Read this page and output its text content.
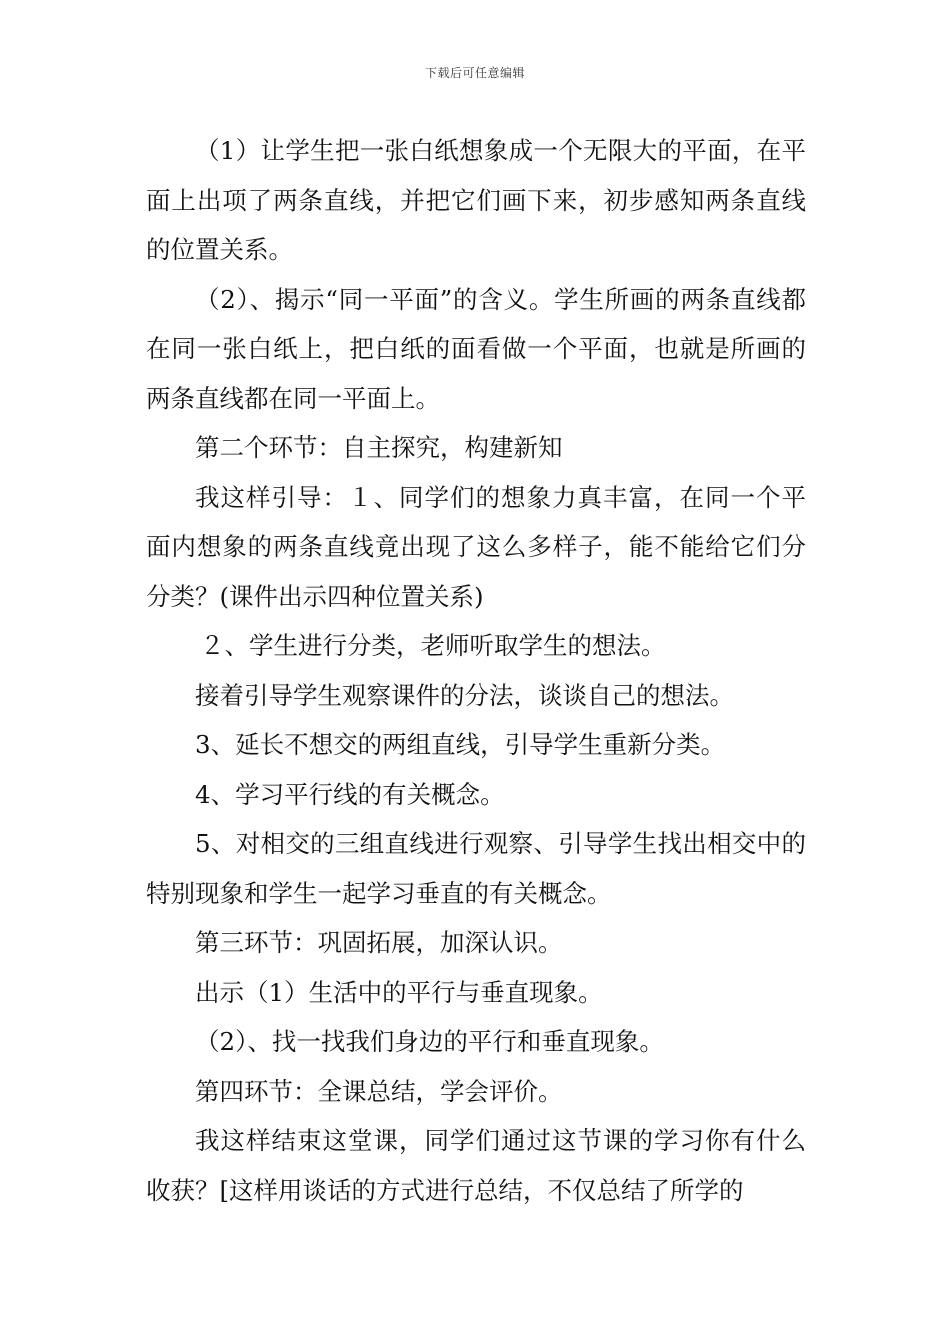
下载后可任意编辑

（1）让学生把一张白纸想象成一个无限大的平面，在平面上出项了两条直线，并把它们画下来，初步感知两条直线的位置关系。

（2）、揭示“同一平面”的含义。学生所画的两条直线都在同一张白纸上，把白纸的面看做一个平面，也就是所画的两条直线都在同一平面上。

第二个环节：自主探究，构建新知

我这样引导：１、同学们的想象力真丰富，在同一个平面内想象的两条直线竟出现了这么多样子，能不能给它们分分类？(课件出示四种位置关系)

２、学生进行分类，老师听取学生的想法。

接着引导学生观察课件的分法，谈谈自己的想法。

3、延长不想交的两组直线，引导学生重新分类。

4、学习平行线的有关概念。

5、对相交的三组直线进行观察、引导学生找出相交中的特别现象和学生一起学习垂直的有关概念。

第三环节：巩固拓展，加深认识。

出示（1）生活中的平行与垂直现象。

（2）、找一找我们身边的平行和垂直现象。

第四环节：全课总结，学会评价。

我这样结束这堂课，同学们通过这节课的学习你有什么收获？[这样用谈话的方式进行总结，不仅总结了所学的
